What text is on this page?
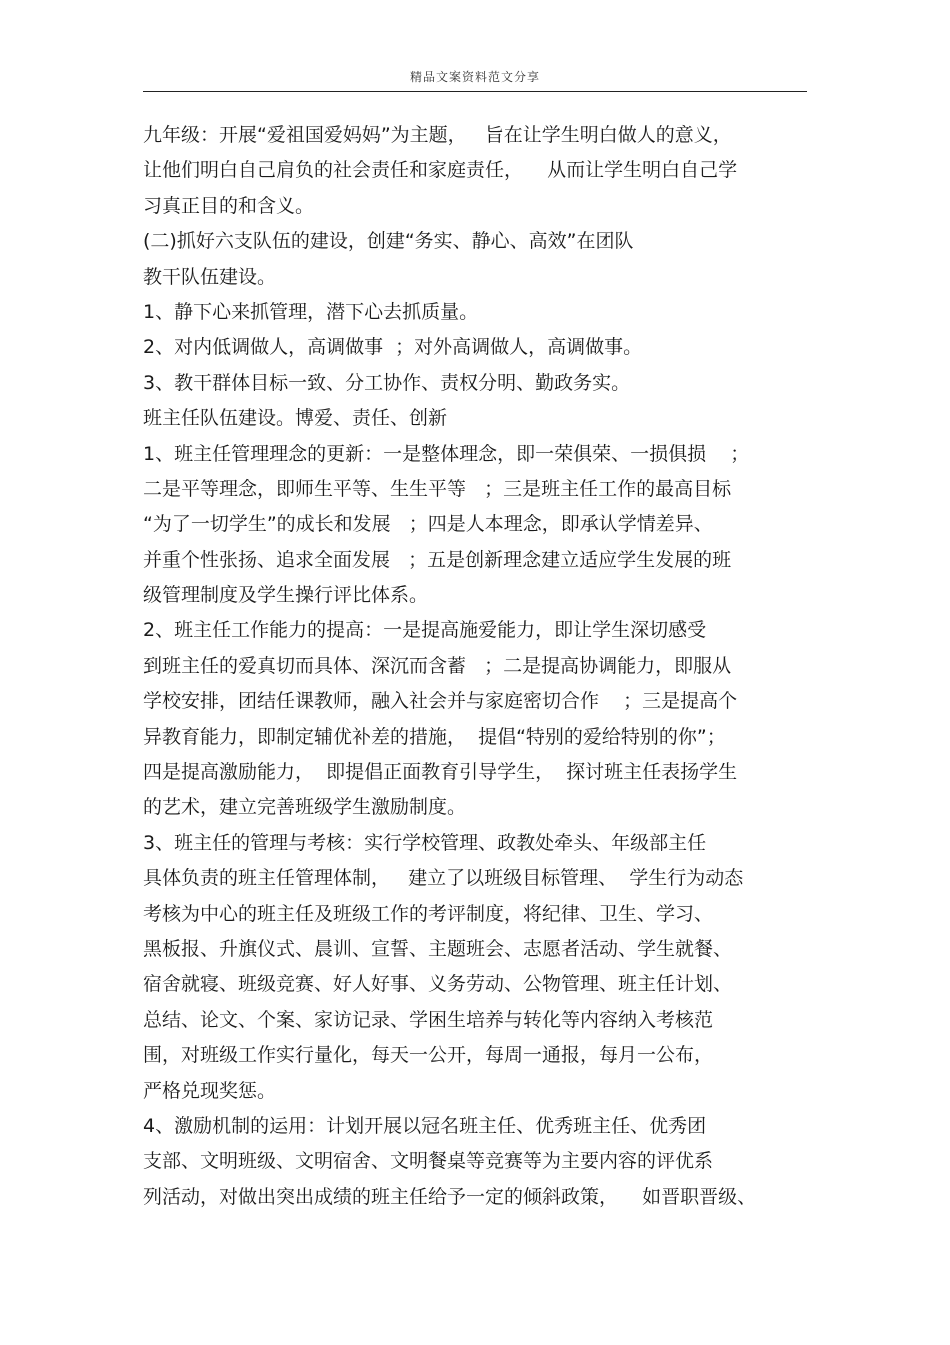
精品文案资料范文分享
九年级：开展“爱祖国爱妈妈”为主题，   旨在让学生明白做人的意义，
让他们明白自己肩负的社会责任和家庭责任，    从而让学生明白自己学
习真正目的和含义。
(二)抓好六支队伍的建设，创建“务实、静心、高效”在团队
教干队伍建设。
1、静下心来抓管理，潜下心去抓质量。
2、对内低调做人，高调做事  ；对外高调做人，高调做事。
3、教干群体目标一致、分工协作、责权分明、勤政务实。
班主任队伍建设。博爱、责任、创新
1、班主任管理理念的更新：一是整体理念，即一荣俱荣、一损俱损    ；
二是平等理念，即师生平等、生生平等   ；三是班主任工作的最高目标
“为了一切学生”的成长和发展   ；四是人本理念，即承认学情差异、
并重个性张扬、追求全面发展   ；五是创新理念建立适应学生发展的班
级管理制度及学生操行评比体系。
2、班主任工作能力的提高：一是提高施爱能力，即让学生深切感受
到班主任的爱真切而具体、深沉而含蓄   ；二是提高协调能力，即服从
学校安排，团结任课教师，融入社会并与家庭密切合作    ；三是提高个
异教育能力，即制定辅优补差的措施，  提倡“特别的爱给特别的你”；
四是提高激励能力，  即提倡正面教育引导学生，  探讨班主任表扬学生
的艺术，建立完善班级学生激励制度。
3、班主任的管理与考核：实行学校管理、政教处牵头、年级部主任
具体负责的班主任管理体制，   建立了以班级目标管理、  学生行为动态
考核为中心的班主任及班级工作的考评制度，将纪律、卫生、学习、
黑板报、升旗仪式、晨训、宣誓、主题班会、志愿者活动、学生就餐、
宿舍就寝、班级竞赛、好人好事、义务劳动、公物管理、班主任计划、
总结、论文、个案、家访记录、学困生培养与转化等内容纳入考核范
围，对班级工作实行量化，每天一公开，每周一通报，每月一公布，
严格兑现奖惩。
4、激励机制的运用：计划开展以冠名班主任、优秀班主任、优秀团
支部、文明班级、文明宿舍、文明餐桌等竞赛等为主要内容的评优系
列活动，对做出突出成绩的班主任给予一定的倾斜政策，    如晋职晋级、
